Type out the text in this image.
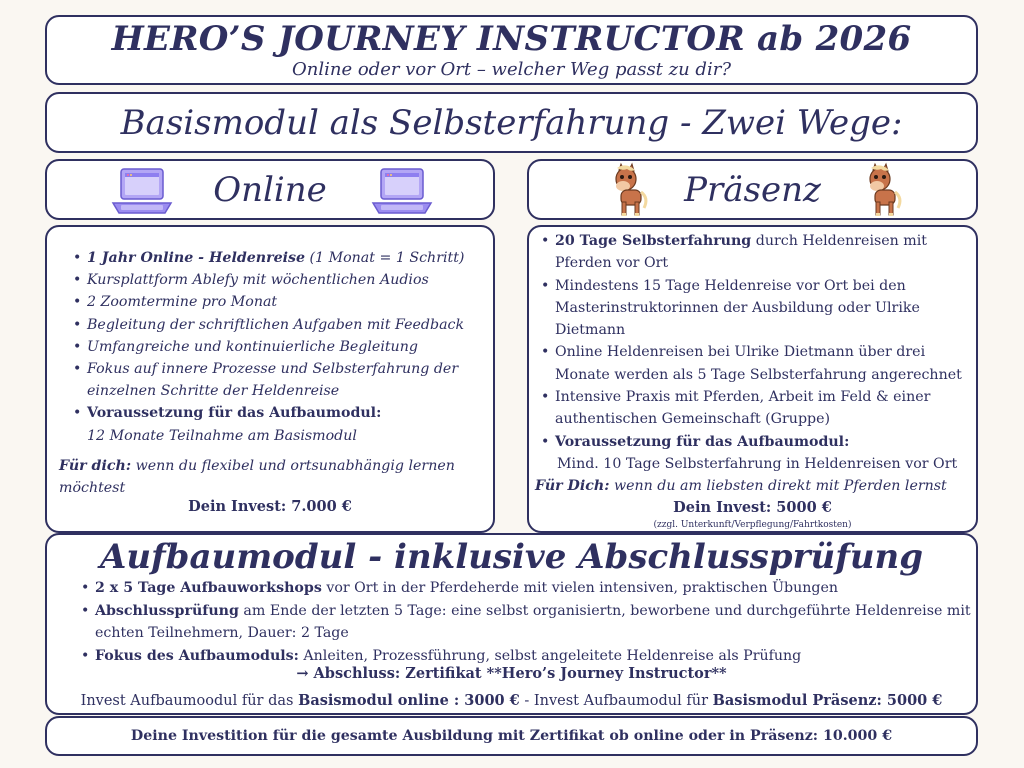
HERO’S JOURNEY INSTRUCTOR ab 2026
Online oder vor Ort – welcher Weg passt zu dir?
Basismodul als Selbsterfahrung - Zwei Wege:
Online	Präsenz
• 1 Jahr Online - Heldenreise (1 Monat = 1 Schritt)
• Kursplattform Ablefy mit wöchentlichen Audios
• 2 Zoomtermine pro Monat
• Begleitung der schriftlichen Aufgaben mit Feedback
• Umfangreiche und kontinuierliche Begleitung
• Fokus auf innere Prozesse und Selbsterfahrung der einzelnen Schritte der Heldenreise
• Voraussetzung für das Aufbaumodul:
12 Monate Teilnahme am Basismodul
Für dich: wenn du flexibel und ortsunabhängig lernen möchtest
Dein Invest: 7.000 €
• 20 Tage Selbsterfahrung durch Heldenreisen mit Pferden vor Ort
• Mindestens 15 Tage Heldenreise vor Ort bei den Masterinstruktorinnen der Ausbildung oder Ulrike Dietmann
• Online Heldenreisen bei Ulrike Dietmann über drei Monate werden als 5 Tage Selbsterfahrung angerechnet
• Intensive Praxis mit Pferden, Arbeit im Feld & einer authentischen Gemeinschaft (Gruppe)
• Voraussetzung für das Aufbaumodul:
Mind. 10 Tage Selbsterfahrung in Heldenreisen vor Ort
Für Dich: wenn du am liebsten direkt mit Pferden lernst
Dein Invest: 5000 €
(zzgl. Unterkunft/Verpflegung/Fahrtkosten)
Aufbaumodul - inklusive Abschlussprüfung
• 2 x 5 Tage Aufbauworkshops vor Ort in der Pferdeherde mit vielen intensiven, praktischen Übungen
• Abschlussprüfung am Ende der letzten 5 Tage: eine selbst organisiertn, beworbene und durchgeführte Heldenreise mit echten Teilnehmern, Dauer: 2 Tage
• Fokus des Aufbaumoduls: Anleiten, Prozessführung, selbst angeleitete Heldenreise als Prüfung
→ Abschluss: Zertifikat **Hero’s Journey Instructor**
Invest Aufbaumoodul für das Basismodul online : 3000 € - Invest Aufbaumodul für Basismodul Präsenz: 5000 €
Deine Investition für die gesamte Ausbildung mit Zertifikat ob online oder in Präsenz: 10.000 €
